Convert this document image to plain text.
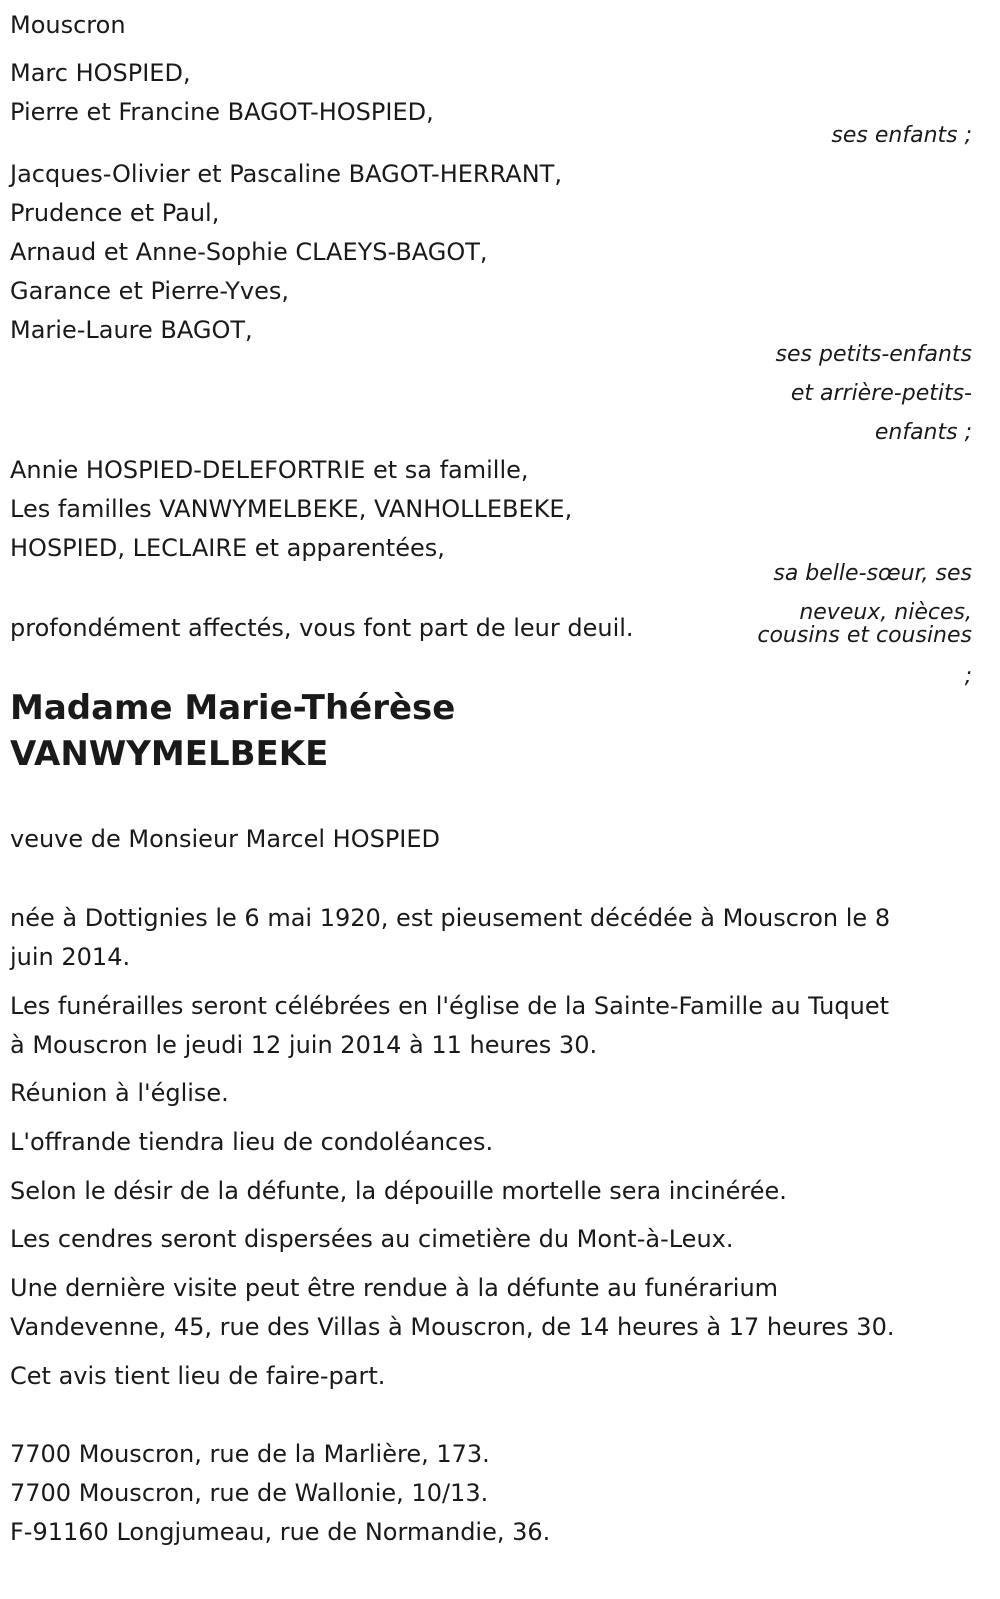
Mouscron

Marc HOSPIED,

Pierre et Francine BAGOT-HOSPIED,

ses enfants ;

Jacques-Olivier et Pascaline BAGOT-HERRANT,

Prudence et Paul,

Arnaud et Anne-Sophie CLAEYS-BAGOT,

Garance et Pierre-Yves,

Marie-Laure BAGOT,

ses petits-enfants

et arrière-petits-

enfants ;

Annie HOSPIED-DELEFORTRIE et sa famille,

Les familles VANWYMELBEKE, VANHOLLEBEKE,

HOSPIED, LECLAIRE et apparentées,

sa belle-sœur, ses

neveux, nièces,

cousins et cousines

;

profondément affectés, vous font part de leur deuil.

Madame Marie-Thérèse

VANWYMELBEKE

veuve de Monsieur Marcel HOSPIED

née à Dottignies le 6 mai 1920, est pieusement décédée à Mouscron le 8
juin 2014.
Les funérailles seront célébrées en l'église de la Sainte-Famille au Tuquet
à Mouscron le jeudi 12 juin 2014 à 11 heures 30.
Réunion à l'église.
L'offrande tiendra lieu de condoléances.
Selon le désir de la défunte, la dépouille mortelle sera incinérée.
Les cendres seront dispersées au cimetière du Mont-à-Leux.
Une dernière visite peut être rendue à la défunte au funérarium
Vandevenne, 45, rue des Villas à Mouscron, de 14 heures à 17 heures 30.
Cet avis tient lieu de faire-part.

7700 Mouscron, rue de la Marlière, 173.

7700 Mouscron, rue de Wallonie, 10/13.

F-91160 Longjumeau, rue de Normandie, 36.
